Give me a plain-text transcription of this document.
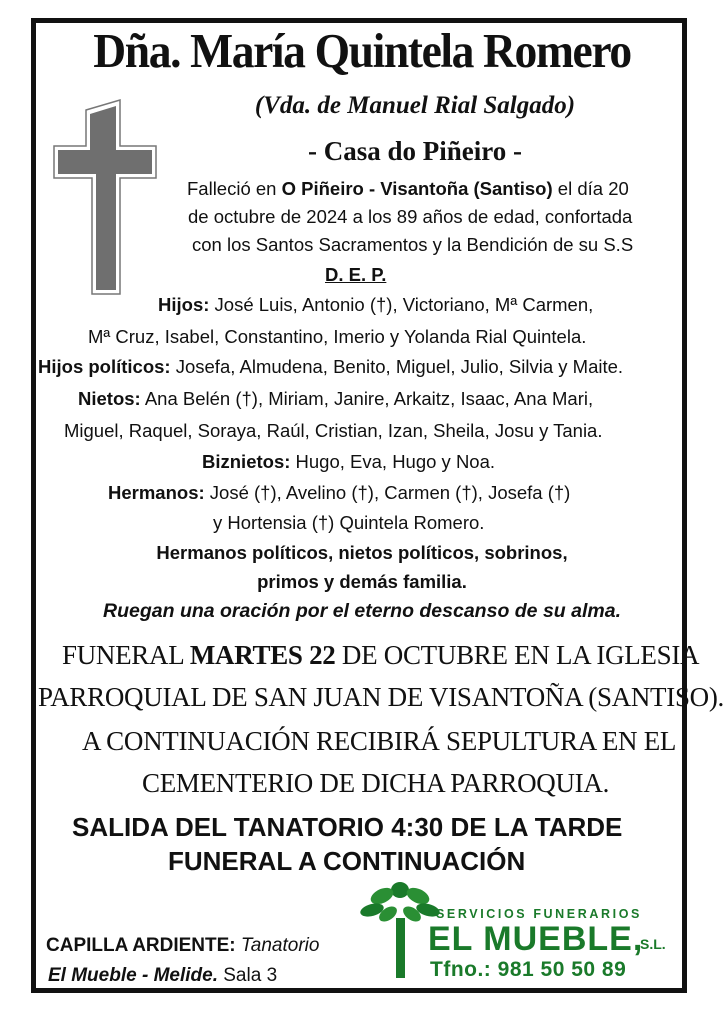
Dña. María Quintela Romero
(Vda. de Manuel Rial Salgado)
- Casa do Piñeiro -
Falleció en O Piñeiro - Visantoña (Santiso) el día 20
de octubre de 2024 a los 89 años de edad, confortada
con los Santos Sacramentos y la Bendición de su S.S
D. E. P.
Hijos: José Luis, Antonio (†), Victoriano, Mª Carmen,
Mª Cruz, Isabel, Constantino, Imerio y Yolanda Rial Quintela.
Hijos políticos: Josefa, Almudena, Benito, Miguel, Julio, Silvia y Maite.
Nietos: Ana Belén (†), Miriam, Janire, Arkaitz, Isaac, Ana Mari,
Miguel, Raquel, Soraya, Raúl, Cristian, Izan, Sheila, Josu y Tania.
Biznietos: Hugo, Eva, Hugo y Noa.
Hermanos: José (†), Avelino (†), Carmen (†), Josefa (†)
y Hortensia (†) Quintela Romero.
Hermanos políticos, nietos políticos, sobrinos,
primos y demás familia.
Ruegan una oración por el eterno descanso de su alma.
FUNERAL MARTES 22 DE OCTUBRE EN LA IGLESIA
PARROQUIAL DE SAN JUAN DE VISANTOÑA (SANTISO).
A CONTINUACIÓN RECIBIRÁ SEPULTURA EN EL
CEMENTERIO DE DICHA PARROQUIA.
SALIDA DEL TANATORIO 4:30 DE LA TARDE
FUNERAL A CONTINUACIÓN
CAPILLA ARDIENTE: Tanatorio
El Mueble - Melide. Sala 3
SERVICIOS FUNERARIOS
EL MUEBLE,
S.L.
Tfno.: 981 50 50 89
